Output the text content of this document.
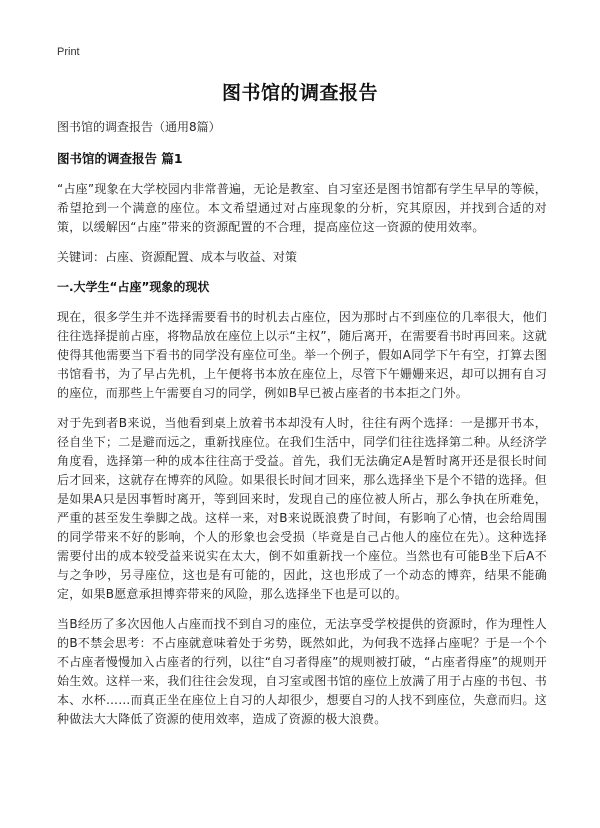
Print
图书馆的调查报告

图书馆的调查报告（通用8篇）

图书馆的调查报告 篇1

“占座”现象在大学校园内非常普遍，无论是教室、自习室还是图书馆都有学生早早的等候，希望抢到一个满意的座位。本文希望通过对占座现象的分析，究其原因，并找到合适的对策，以缓解因“占座”带来的资源配置的不合理，提高座位这一资源的使用效率。

关键词：占座、资源配置、成本与收益、对策

一.大学生“占座”现象的现状

现在，很多学生并不选择需要看书的时机去占座位，因为那时占不到座位的几率很大，他们往往选择提前占座，将物品放在座位上以示“主权”，随后离开，在需要看书时再回来。这就使得其他需要当下看书的同学没有座位可坐。举一个例子，假如A同学下午有空，打算去图书馆看书，为了早占先机，上午便将书本放在座位上，尽管下午姗姗来迟，却可以拥有自习的座位，而那些上午需要自习的同学，例如B早已被占座者的书本拒之门外。

对于先到者B来说，当他看到桌上放着书本却没有人时，往往有两个选择：一是挪开书本，径自坐下；二是避而远之，重新找座位。在我们生活中，同学们往往选择第二种。从经济学角度看，选择第一种的成本往往高于受益。首先，我们无法确定A是暂时离开还是很长时间后才回来，这就存在博弈的风险。如果很长时间才回来，那么选择坐下是个不错的选择。但是如果A只是因事暂时离开，等到回来时，发现自己的座位被人所占，那么争执在所难免，严重的甚至发生拳脚之战。这样一来，对B来说既浪费了时间，有影响了心情，也会给周围的同学带来不好的影响，个人的形象也会受损（毕竟是自己占他人的座位在先）。这种选择需要付出的成本较受益来说实在太大，倒不如重新找一个座位。当然也有可能B坐下后A不与之争吵，另寻座位，这也是有可能的，因此，这也形成了一个动态的博弈，结果不能确定，如果B愿意承担博弈带来的风险，那么选择坐下也是可以的。

当B经历了多次因他人占座而找不到自习的座位，无法享受学校提供的资源时，作为理性人的B不禁会思考：不占座就意味着处于劣势，既然如此，为何我不选择占座呢？于是一个个不占座者慢慢加入占座者的行列，以往“自习者得座”的规则被打破，“占座者得座”的规则开始生效。这样一来，我们往往会发现，自习室或图书馆的座位上放满了用于占座的书包、书本、水杯……而真正坐在座位上自习的人却很少，想要自习的人找不到座位，失意而归。这种做法大大降低了资源的使用效率，造成了资源的极大浪费。
